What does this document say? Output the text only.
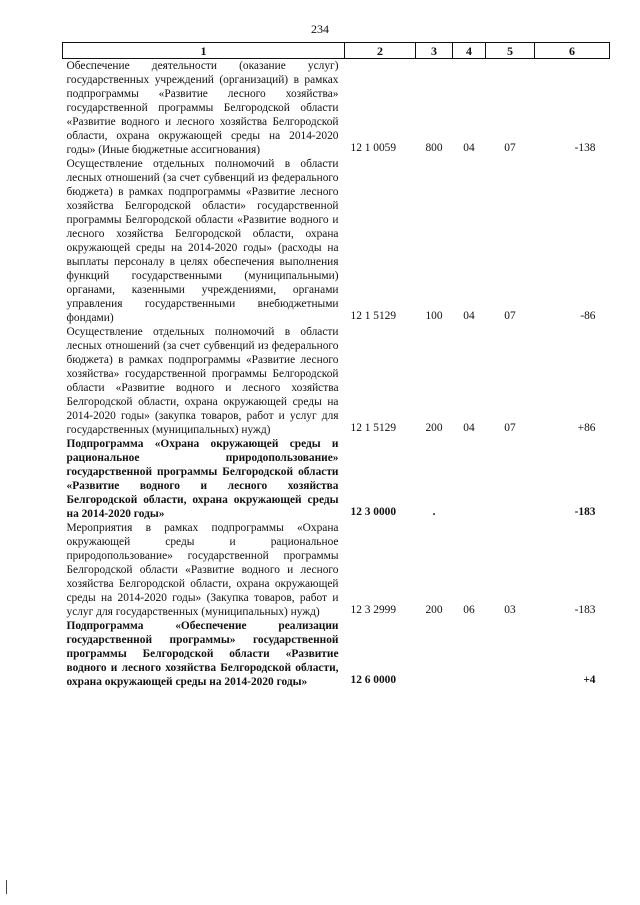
234
1	2	3	4	5	6
Обеспечение деятельности (оказание услуг) государственных учреждений (организаций) в рамках подпрограммы «Развитие лесного хозяйства» государственной программы Белгородской области «Развитие водного и лесного хозяйства Белгородской области, охрана окружающей среды на 2014-2020 годы» (Иные бюджетные ассигнования)	12 1 0059	800	04	07	-138
Осуществление отдельных полномочий в области лесных отношений (за счет субвенций из федерального бюджета) в рамках подпрограммы «Развитие лесного хозяйства Белгородской области» государственной программы Белгородской области «Развитие водного и лесного хозяйства Белгородской области, охрана окружающей среды на 2014-2020 годы» (расходы на выплаты персоналу в целях обеспечения выполнения функций государственными (муниципальными) органами, казенными учреждениями, органами управления государственными внебюджетными фондами)	12 1 5129	100	04	07	-86
Осуществление отдельных полномочий в области лесных отношений (за счет субвенций из федерального бюджета) в рамках подпрограммы «Развитие лесного хозяйства» государственной программы Белгородской области «Развитие водного и лесного хозяйства Белгородской области, охрана окружающей среды на 2014-2020 годы» (закупка товаров, работ и услуг для государственных (муниципальных) нужд)	12 1 5129	200	04	07	+86
Подпрограмма «Охрана окружающей среды и рациональное природопользование» государственной программы Белгородской области «Развитие водного и лесного хозяйства Белгородской области, охрана окружающей среды на 2014-2020 годы»	12 3 0000	.			-183
Мероприятия в рамках подпрограммы «Охрана окружающей среды и рациональное природопользование» государственной программы Белгородской области «Развитие водного и лесного хозяйства Белгородской области, охрана окружающей среды на 2014-2020 годы» (Закупка товаров, работ и услуг для государственных (муниципальных) нужд)	12 3 2999	200	06	03	-183
Подпрограмма «Обеспечение реализации государственной программы» государственной программы Белгородской области «Развитие водного и лесного хозяйства Белгородской области, охрана окружающей среды на 2014-2020 годы»	12 6 0000				+4
